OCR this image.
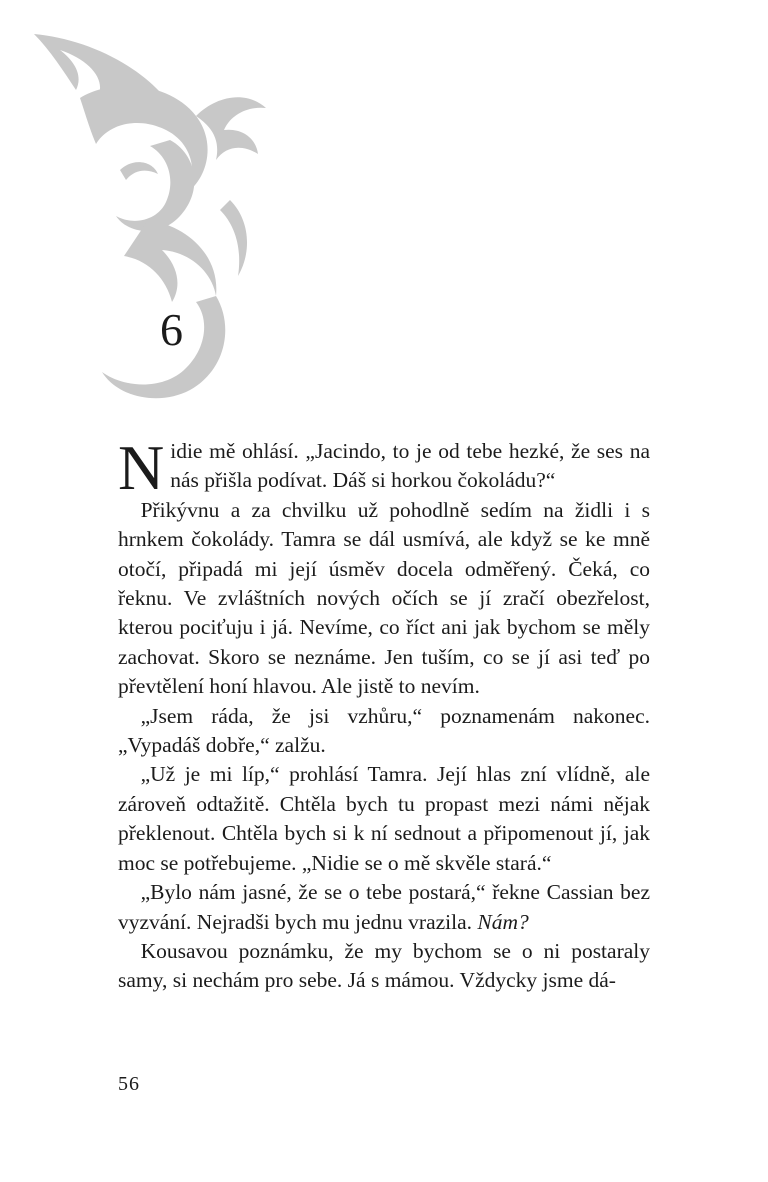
6

Nidie mě ohlásí. „Jacindo, to je od tebe hezké, že ses na nás přišla podívat. Dáš si horkou čokoládu?“

Přikývnu a za chvilku už pohodlně sedím na židli i s hrnkem čokolády. Tamra se dál usmívá, ale když se ke mně otočí, připadá mi její úsměv docela odměřený. Čeká, co řeknu. Ve zvláštních nových očích se jí zračí obezřelost, kterou pociťuju i já. Nevíme, co říct ani jak bychom se měly zachovat. Skoro se neznáme. Jen tuším, co se jí asi teď po převtělení honí hlavou. Ale jistě to nevím.

„Jsem ráda, že jsi vzhůru,“ poznamenám nakonec. „Vypadáš dobře,“ zalžu.

„Už je mi líp,“ prohlásí Tamra. Její hlas zní vlídně, ale zároveň odtažitě. Chtěla bych tu propast mezi námi nějak překlenout. Chtěla bych si k ní sednout a připomenout jí, jak moc se potřebujeme. „Nidie se o mě skvěle stará.“

„Bylo nám jasné, že se o tebe postará,“ řekne Cassian bez vyzvání. Nejradši bych mu jednu vrazila. Nám?

Kousavou poznámku, že my bychom se o ni postaraly samy, si nechám pro sebe. Já s mámou. Vždycky jsme dá-

56
